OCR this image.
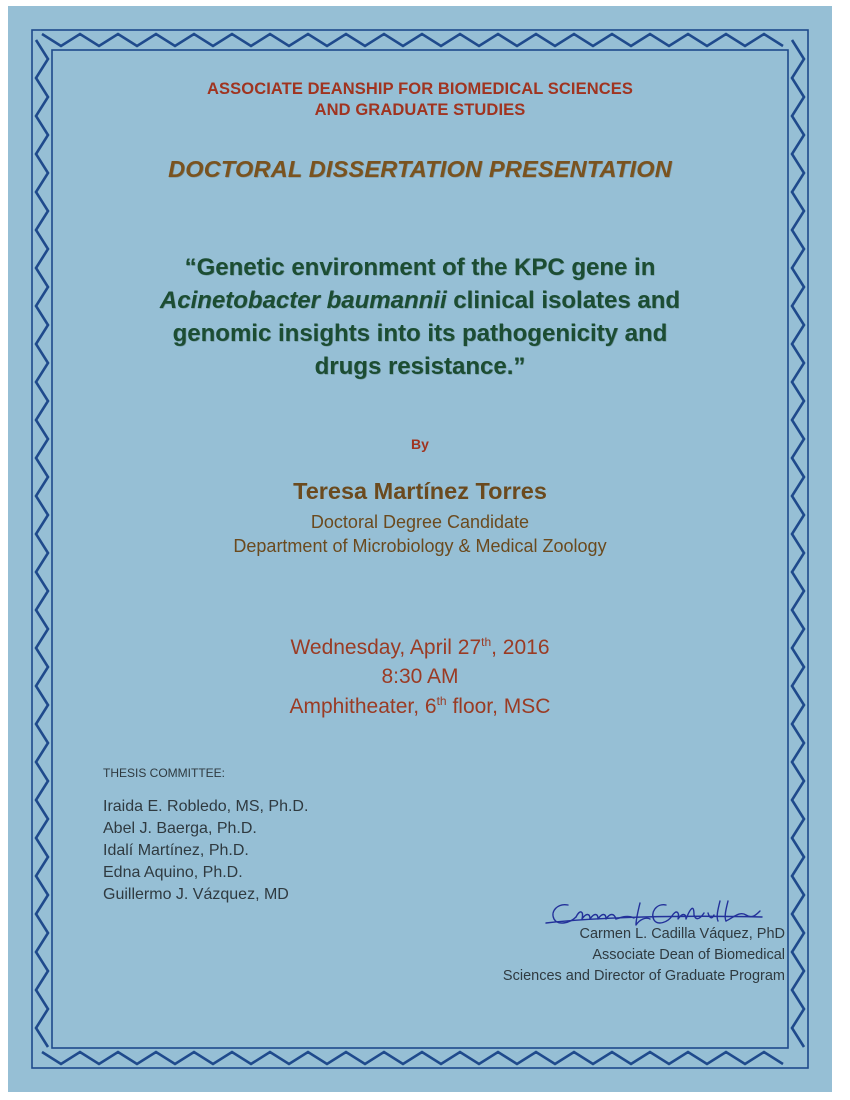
ASSOCIATE DEANSHIP FOR BIOMEDICAL SCIENCES
AND GRADUATE STUDIES
DOCTORAL DISSERTATION PRESENTATION
“Genetic environment of the KPC gene in
Acinetobacter baumannii clinical isolates and
genomic insights into its pathogenicity and
drugs resistance.”
By
Teresa Martínez Torres
Doctoral Degree Candidate
Department of Microbiology & Medical Zoology
Wednesday, April 27th, 2016
8:30 AM
Amphitheater, 6th floor, MSC
THESIS COMMITTEE:
Iraida E. Robledo, MS, Ph.D.
Abel J. Baerga, Ph.D.
Idalí Martínez, Ph.D.
Edna Aquino, Ph.D.
Guillermo J. Vázquez, MD
Carmen L. Cadilla Váquez, PhD
Associate Dean of Biomedical
Sciences and Director of Graduate Program
